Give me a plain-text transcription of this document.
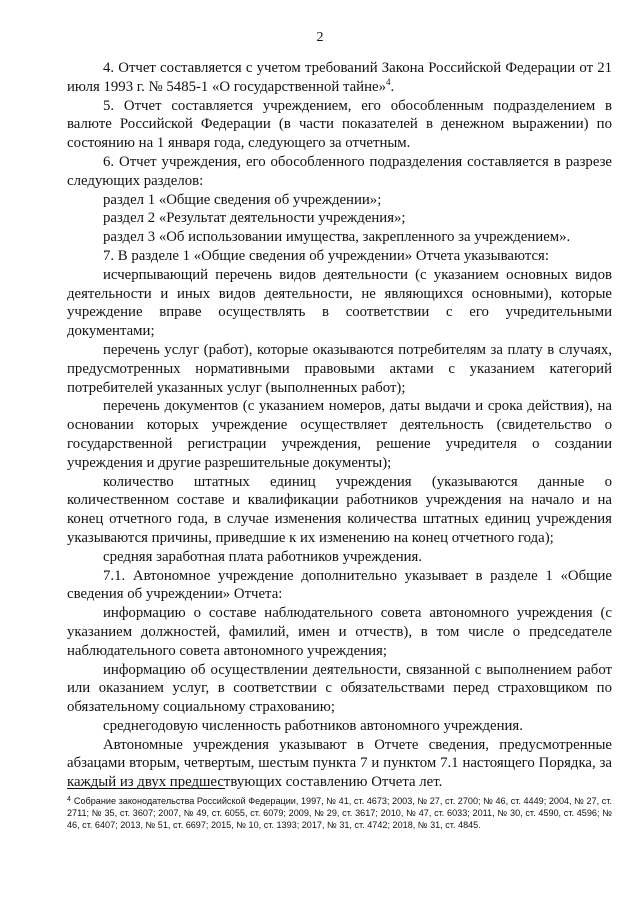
2

4. Отчет составляется с учетом требований Закона Российской Федерации от 21 июля 1993 г. № 5485-1 «О государственной тайне»$^4$.

5. Отчет составляется учреждением, его обособленным подразделением в валюте Российской Федерации (в части показателей в денежном выражении) по состоянию на 1 января года, следующего за отчетным.

6. Отчет учреждения, его обособленного подразделения составляется в разрезе следующих разделов:

раздел 1 «Общие сведения об учреждении»;

раздел 2 «Результат деятельности учреждения»;

раздел 3 «Об использовании имущества, закрепленного за учреждением».

7. В разделе 1 «Общие сведения об учреждении» Отчета указываются:

исчерпывающий перечень видов деятельности (с указанием основных видов деятельности и иных видов деятельности, не являющихся основными), которые учреждение вправе осуществлять в соответствии с его учредительными документами;

перечень услуг (работ), которые оказываются потребителям за плату в случаях, предусмотренных нормативными правовыми актами с указанием категорий потребителей указанных услуг (выполненных работ);

перечень документов (с указанием номеров, даты выдачи и срока действия), на основании которых учреждение осуществляет деятельность (свидетельство о государственной регистрации учреждения, решение учредителя о создании учреждения и другие разрешительные документы);

количество штатных единиц учреждения (указываются данные о количественном составе и квалификации работников учреждения на начало и на конец отчетного года, в случае изменения количества штатных единиц учреждения указываются причины, приведшие к их изменению на конец отчетного года);

средняя заработная плата работников учреждения.

7.1. Автономное учреждение дополнительно указывает в разделе 1 «Общие сведения об учреждении» Отчета:

информацию о составе наблюдательного совета автономного учреждения (с указанием должностей, фамилий, имен и отчеств), в том числе о председателе наблюдательного совета автономного учреждения;

информацию об осуществлении деятельности, связанной с выполнением работ или оказанием услуг, в соответствии с обязательствами перед страховщиком по обязательному социальному страхованию;

среднегодовую численность работников автономного учреждения.

Автономные учреждения указывают в Отчете сведения, предусмотренные абзацами вторым, четвертым, шестым пункта 7 и пунктом 7.1 настоящего Порядка, за каждый из двух предшествующих составлению Отчета лет.

$^4$ Собрание законодательства Российской Федерации, 1997, № 41, ст. 4673; 2003, № 27, ст. 2700; № 46, ст. 4449; 2004, № 27, ст. 2711; № 35, ст. 3607; 2007, № 49, ст. 6055, ст. 6079; 2009, № 29, ст. 3617; 2010, № 47, ст. 6033; 2011, № 30, ст. 4590, ст. 4596; № 46, ст. 6407; 2013, № 51, ст. 6697; 2015, № 10, ст. 1393; 2017, № 31, ст. 4742; 2018, № 31, ст. 4845.
